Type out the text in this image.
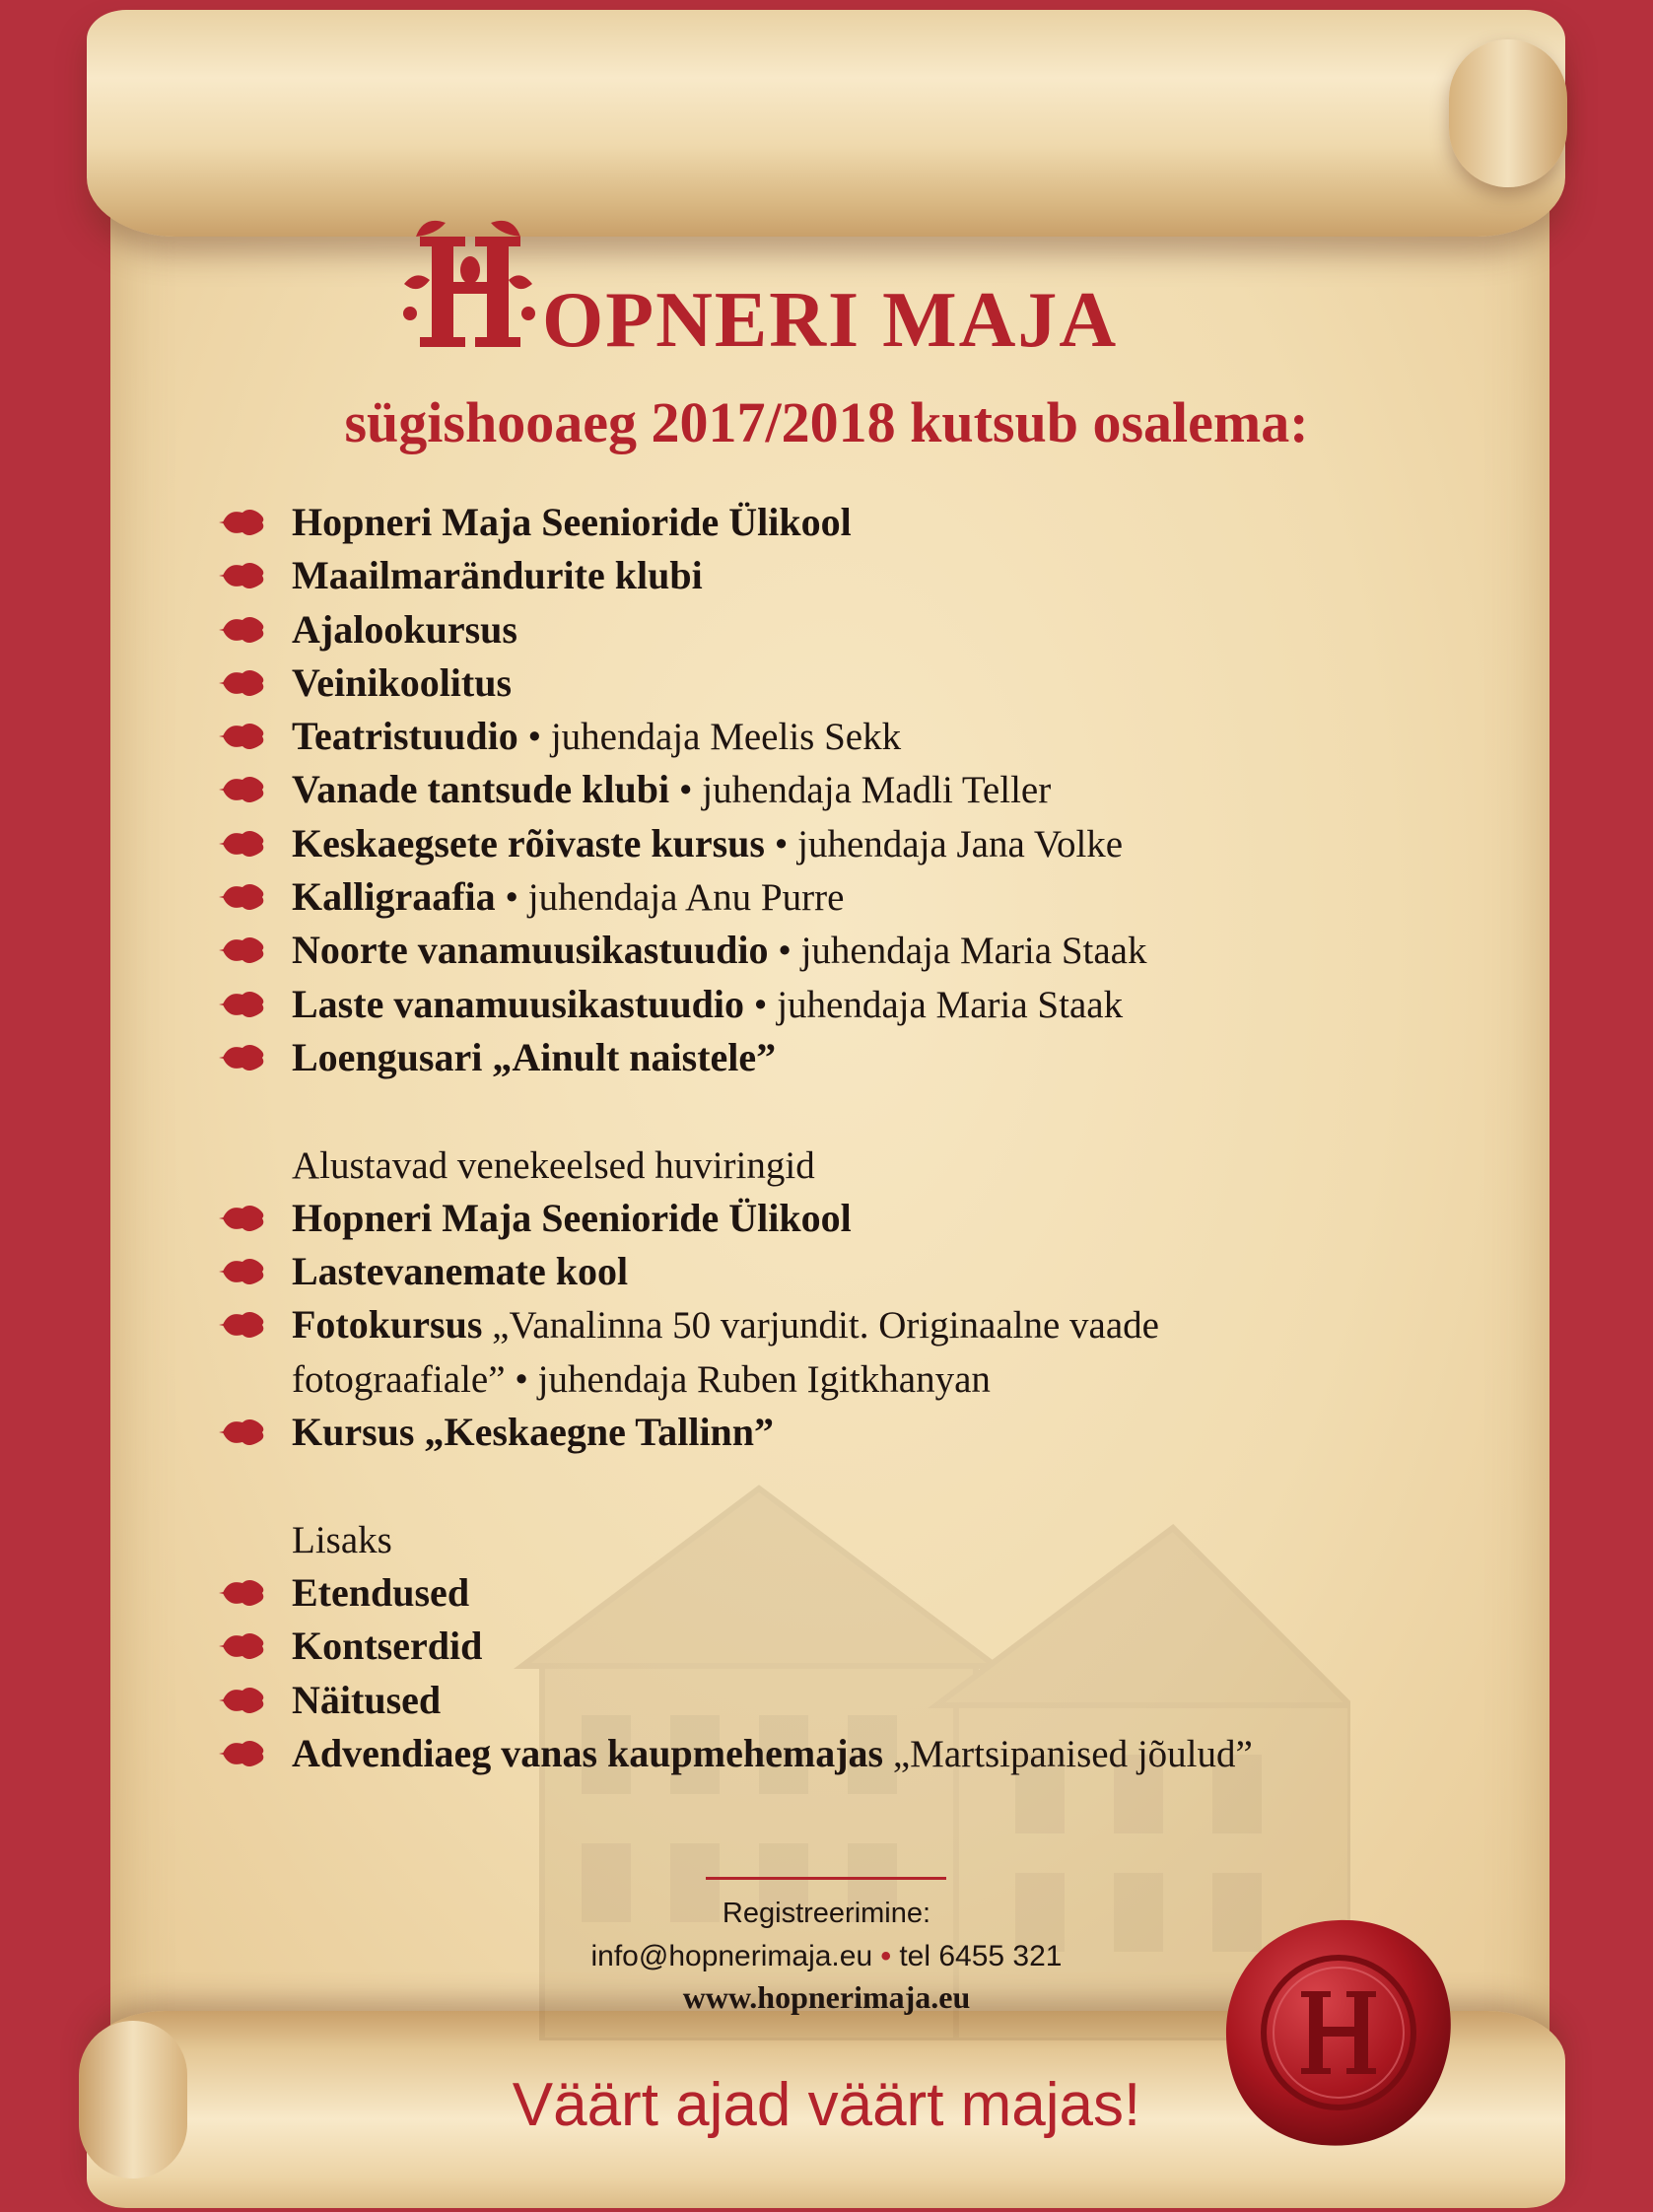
OPNERI MAJA
sügishooaeg 2017/2018 kutsub osalema:
Hopneri Maja Seenioride Ülikool
Maailmarändurite klubi
Ajalookursus
Veinikoolitus
Teatristuudio • juhendaja Meelis Sekk
Vanade tantsude klubi • juhendaja Madli Teller
Keskaegsete rõivaste kursus • juhendaja Jana Volke
Kalligraafia • juhendaja Anu Purre
Noorte vanamuusikastuudio • juhendaja Maria Staak
Laste vanamuusikastuudio • juhendaja Maria Staak
Loengusari „Ainult naistele”
Alustavad venekeelsed huviringid
Hopneri Maja Seenioride Ülikool
Lastevanemate kool
Fotokursus „Vanalinna 50 varjundit. Originaalne vaade
fotograafiale” • juhendaja Ruben Igitkhanyan
Kursus „Keskaegne Tallinn”
Lisaks
Etendused
Kontserdid
Näitused
Advendiaeg vanas kaupmehemajas „Martsipanised jõulud”
Registreerimine:
info@hopnerimaja.eu • tel 6455 321
www.hopnerimaja.eu
Väärt ajad väärt majas!
